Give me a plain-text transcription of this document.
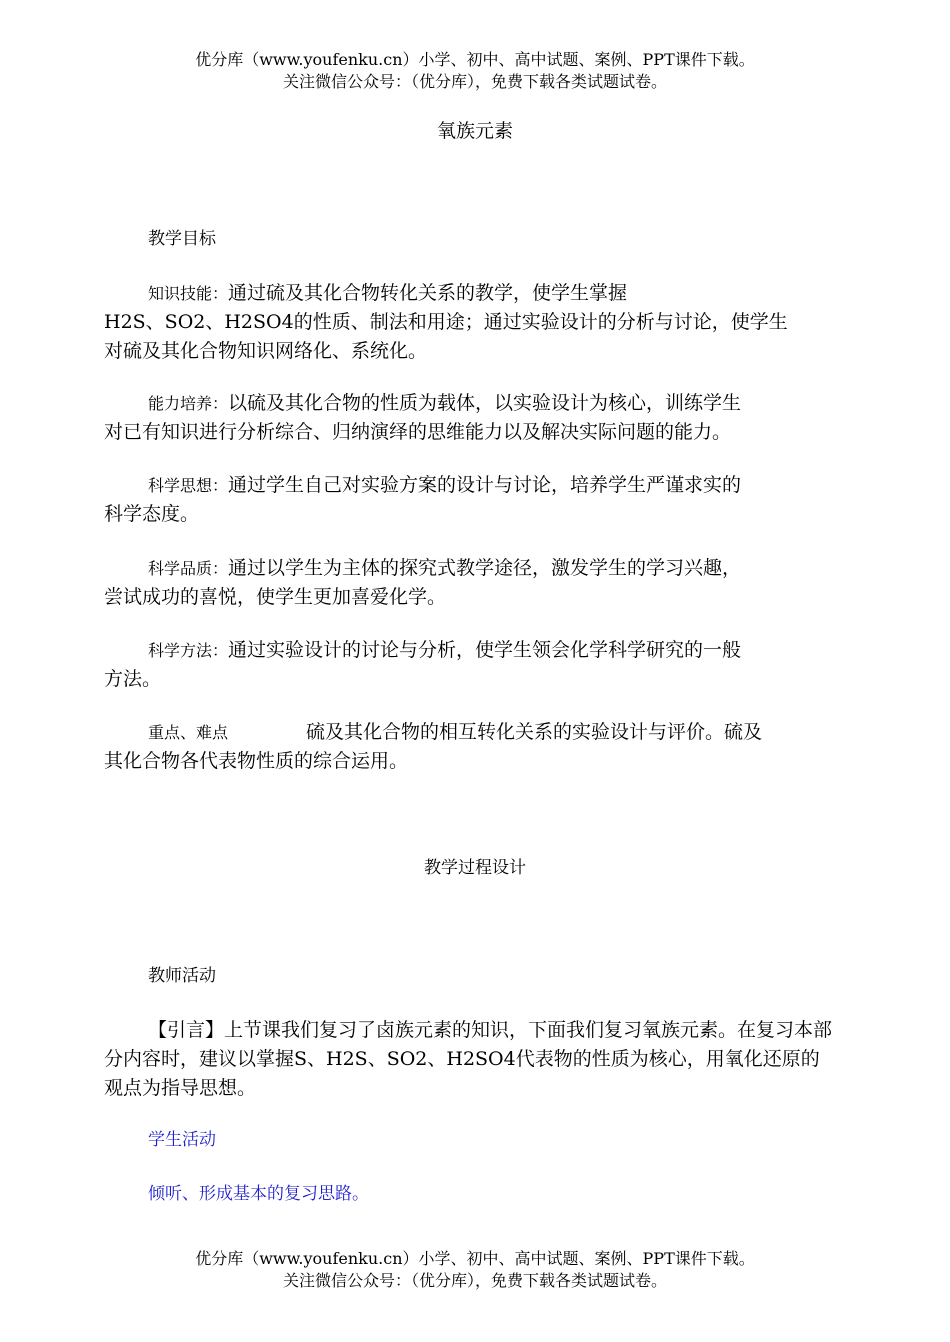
优分库（www.youfenku.cn）小学、初中、高中试题、案例、PPT课件下载。
关注微信公众号：（优分库），免费下载各类试题试卷。
氧族元素
教学目标

知识技能：通过硫及其化合物转化关系的教学，使学生掌握

H2S、SO2、H2SO4的性质、制法和用途；通过实验设计的分析与讨论，使学生

对硫及其化合物知识网络化、系统化。

能力培养：以硫及其化合物的性质为载体，以实验设计为核心，训练学生

对已有知识进行分析综合、归纳演绎的思维能力以及解决实际问题的能力。

科学思想：通过学生自己对实验方案的设计与讨论，培养学生严谨求实的

科学态度。

科学品质：通过以学生为主体的探究式教学途径，激发学生的学习兴趣，

尝试成功的喜悦，使学生更加喜爱化学。

科学方法：通过实验设计的讨论与分析，使学生领会化学科学研究的一般

方法。

重点、难点	硫及其化合物的相互转化关系的实验设计与评价。硫及

其化合物各代表物性质的综合运用。

教学过程设计
教师活动

【引言】上节课我们复习了卤族元素的知识，下面我们复习氧族元素。在复习本部

分内容时，建议以掌握S、H2S、SO2、H2SO4代表物的性质为核心，用氧化还原的

观点为指导思想。

学生活动
倾听、形成基本的复习思路。
优分库（www.youfenku.cn）小学、初中、高中试题、案例、PPT课件下载。
关注微信公众号：（优分库），免费下载各类试题试卷。
